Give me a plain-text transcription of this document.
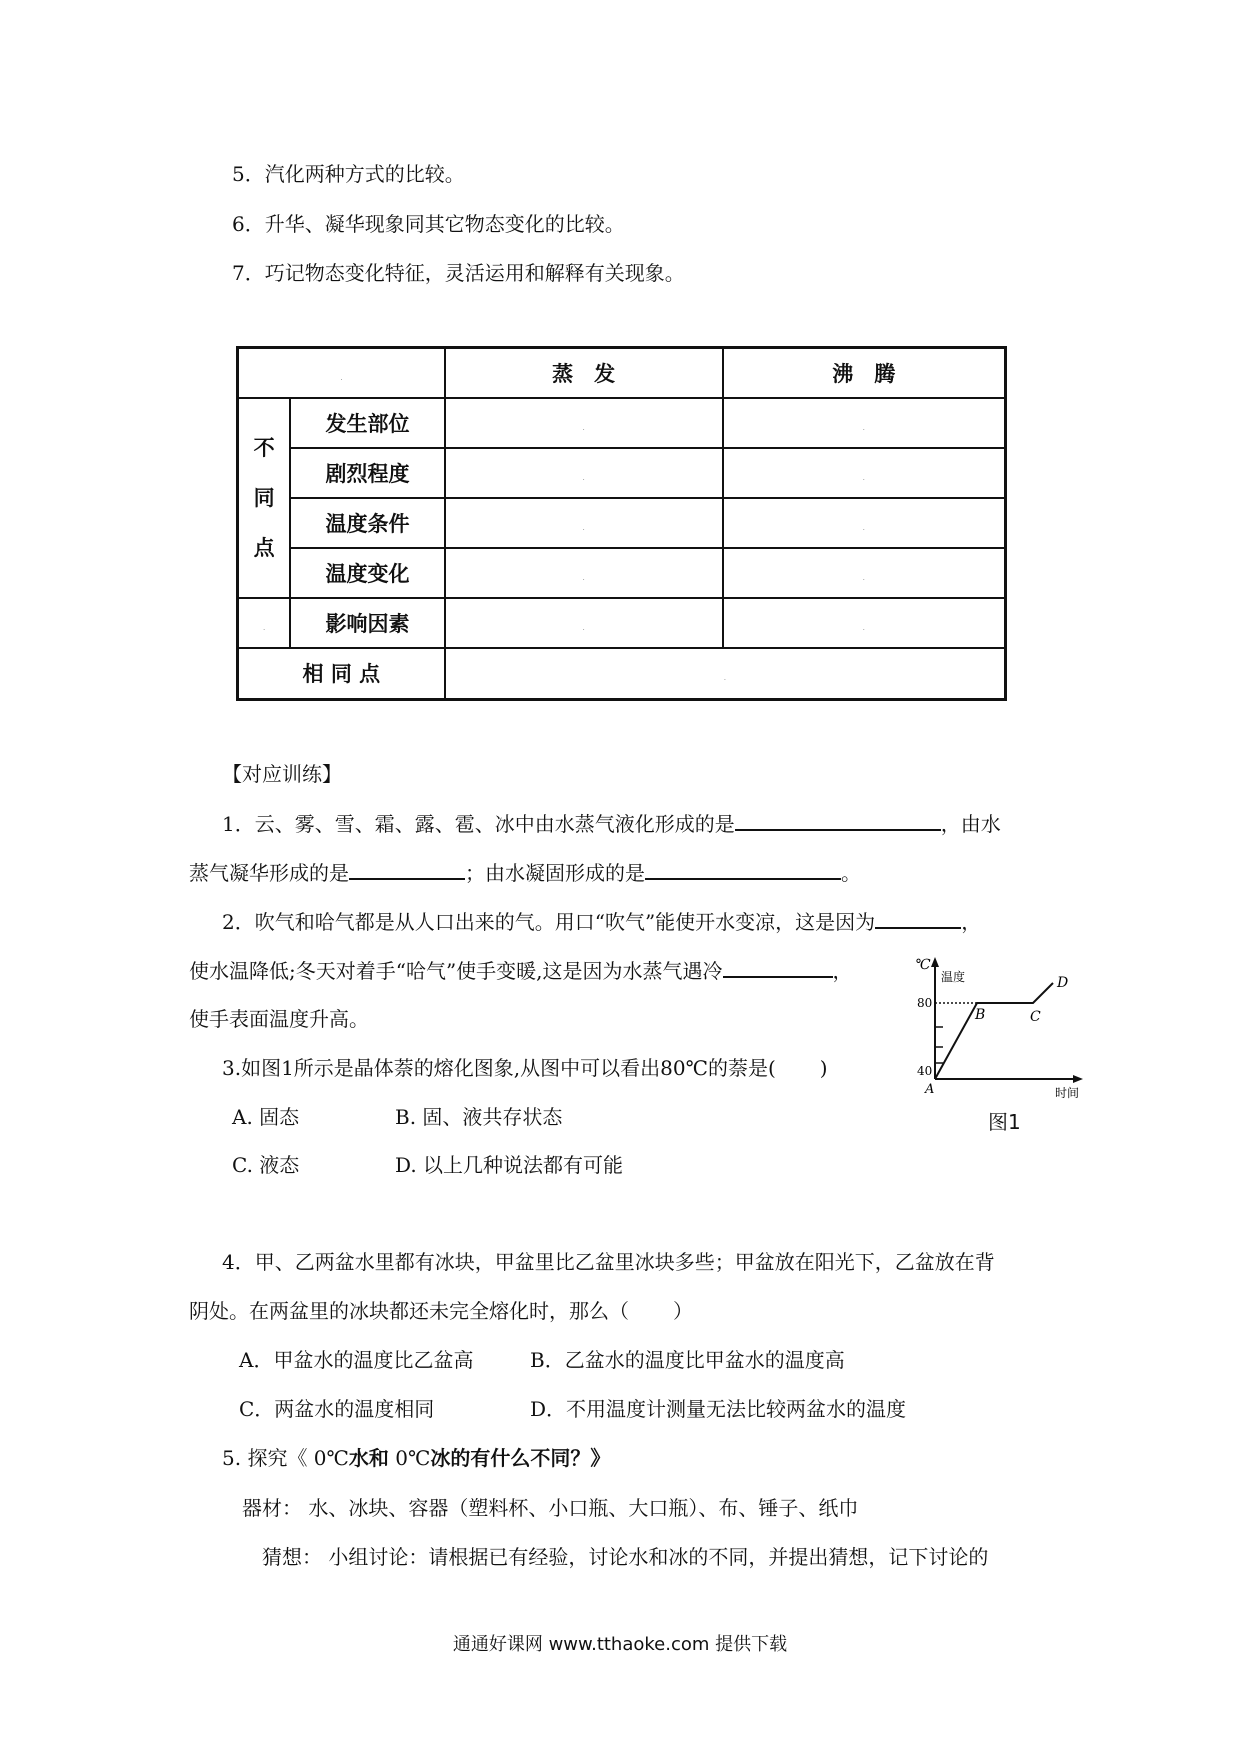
5．汽化两种方式的比较。
6．升华、凝华现象同其它物态变化的比较。
7．巧记物态变化特征，灵活运用和解释有关现象。
.		蒸　发	沸　腾

不同点	发生部位	.	.
	剧烈程度	.	.
	温度条件	.	.
	温度变化	.	.
.	影响因素	.	.
相 同 点		.	
【对应训练】
1．云、雾、雪、霜、露、雹、冰中由水蒸气液化形成的是	，由水
蒸气凝华形成的是	；由水凝固形成的是	。
2．吹气和哈气都是从人口出来的气。用口“吹气”能使开水变凉，这是因为	，
使水温降低;冬天对着手“哈气”使手变暖,这是因为水蒸气遇冷	，
使手表面温度升高。
3.如图1所示是晶体萘的熔化图象,从图中可以看出80℃的萘是( )
A. 固态	B. 固、液共存状态
C. 液态	D. 以上几种说法都有可能
℃
温度
80
40
A
B	C
D
时间
图1
4．甲、乙两盆水里都有冰块，甲盆里比乙盆里冰块多些；甲盆放在阳光下，乙盆放在背
阴处。在两盆里的冰块都还未完全熔化时，那么（ ）
A．甲盆水的温度比乙盆高	B．乙盆水的温度比甲盆水的温度高
C．两盆水的温度相同	D．不用温度计测量无法比较两盆水的温度
5. 探究《 0℃水和 0℃冰的有什么不同？》
器材： 水、冰块、容器（塑料杯、小口瓶、大口瓶）、布、锤子、纸巾
猜想： 小组讨论：请根据已有经验，讨论水和冰的不同，并提出猜想，记下讨论的
通通好课网 www.tthaoke.com 提供下载
